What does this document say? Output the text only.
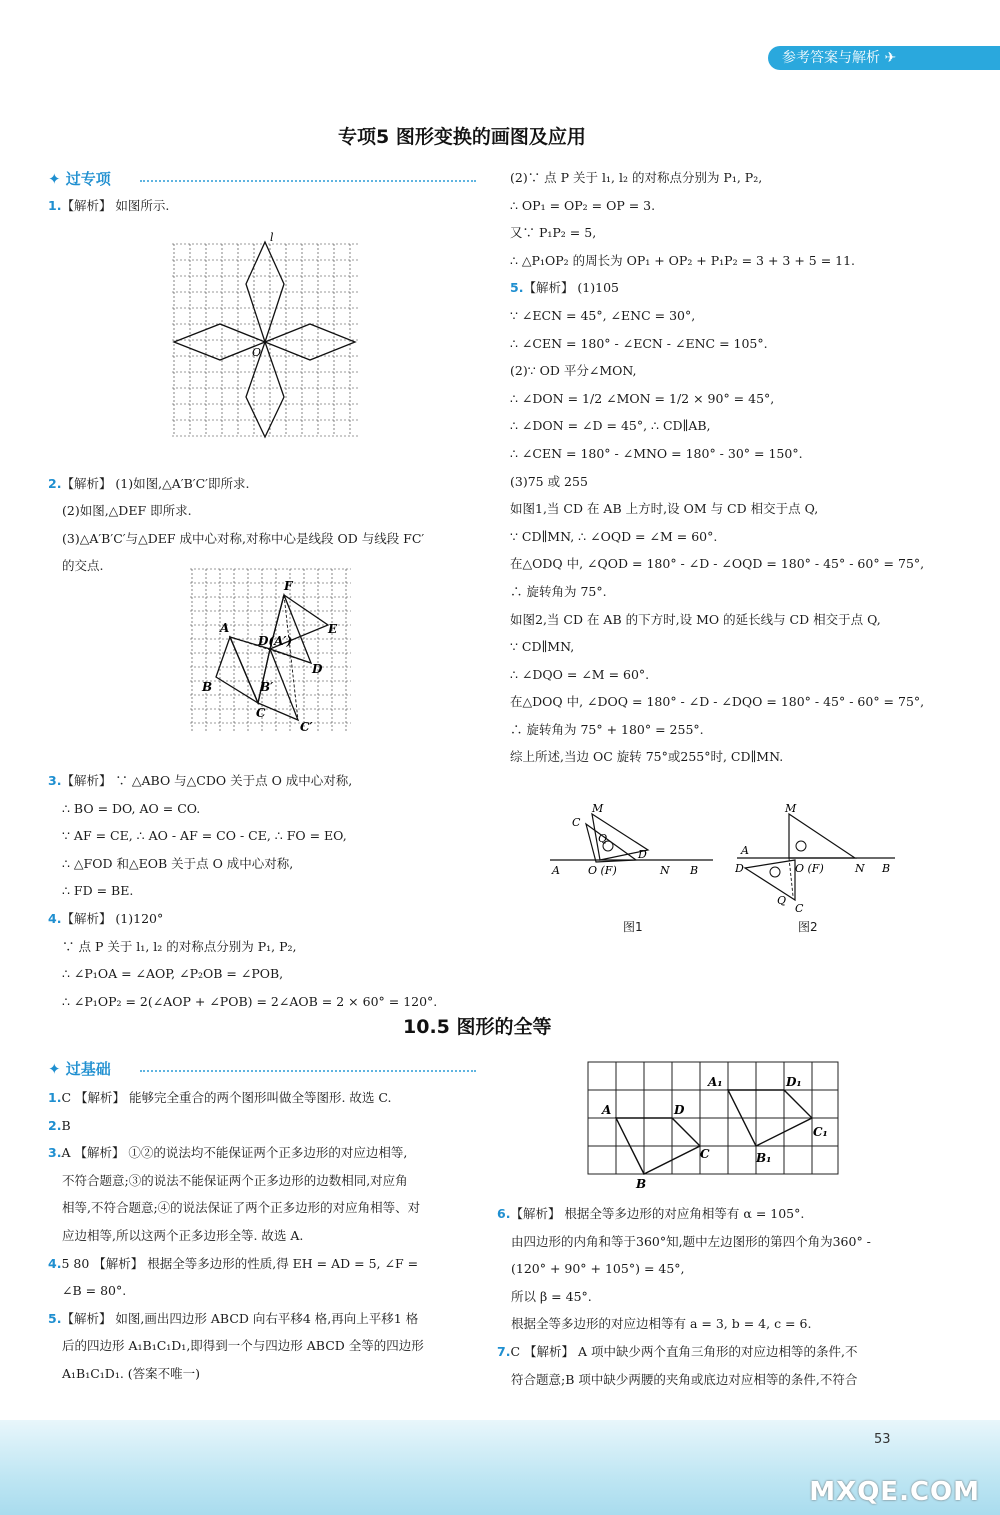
参考答案与解析 ✈
专项5 图形变换的画图及应用
✦ 过专项

1.【解析】 如图所示.

2.【解析】 (1)如图,△A′B′C′即所求.

(2)如图,△DEF 即所求.

(3)△A′B′C′与△DEF 成中心对称,对称中心是线段 OD 与线段 FC′

的交点.

3.【解析】 ∵ △ABO 与△CDO 关于点 O 成中心对称,

∴ BO = DO, AO = CO.

∵ AF = CE, ∴ AO - AF = CO - CE, ∴ FO = EO,

∴ △FOD 和△EOB 关于点 O 成中心对称,

∴ FD = BE.

4.【解析】 (1)120°

∵ 点 P 关于 l₁, l₂ 的对称点分别为 P₁, P₂,

∴ ∠P₁OA = ∠AOP, ∠P₂OB = ∠POB,

∴ ∠P₁OP₂ = 2(∠AOP + ∠POB) = 2∠AOB = 2 × 60° = 120°.

(2)∵ 点 P 关于 l₁, l₂ 的对称点分别为 P₁, P₂,

∴ OP₁ = OP₂ = OP = 3.

又∵ P₁P₂ = 5,

∴ △P₁OP₂ 的周长为 OP₁ + OP₂ + P₁P₂ = 3 + 3 + 5 = 11.

5.【解析】 (1)105

∵ ∠ECN = 45°, ∠ENC = 30°,

∴ ∠CEN = 180° - ∠ECN - ∠ENC = 105°.

(2)∵ OD 平分∠MON,

∴ ∠DON = 1/2 ∠MON = 1/2 × 90° = 45°,

∴ ∠DON = ∠D = 45°, ∴ CD∥AB,

∴ ∠CEN = 180° - ∠MNO = 180° - 30° = 150°.

(3)75 或 255

如图1,当 CD 在 AB 上方时,设 OM 与 CD 相交于点 Q,

∵ CD∥MN, ∴ ∠OQD = ∠M = 60°.

在△ODQ 中, ∠QOD = 180° - ∠D - ∠OQD = 180° - 45° - 60° = 75°,

∴ 旋转角为 75°.

如图2,当 CD 在 AB 的下方时,设 MO 的延长线与 CD 相交于点 Q,

∵ CD∥MN,

∴ ∠DQO = ∠M = 60°.

在△DOQ 中, ∠DOQ = 180° - ∠D - ∠DQO = 180° - 45° - 60° = 75°,

∴ 旋转角为 75° + 180° = 255°.

综上所述,当边 OC 旋转 75°或255°时, CD∥MN.

l
O
F
A
D(A′)
E
D
B	B′
C
C′
M
C
Q
D
A	O (F)	N B
图1
M
A
D	O (F)	N B
Q
C
图2
10.5 图形的全等
✦ 过基础

1.C 【解析】 能够完全重合的两个图形叫做全等图形. 故选 C.

2.B

3.A 【解析】 ①②的说法均不能保证两个正多边形的对应边相等,

不符合题意;③的说法不能保证两个正多边形的边数相同,对应角

相等,不符合题意;④的说法保证了两个正多边形的对应角相等、对

应边相等,所以这两个正多边形全等. 故选 A.

4.5 80 【解析】 根据全等多边形的性质,得 EH = AD = 5, ∠F =

∠B = 80°.

5.【解析】 如图,画出四边形 ABCD 向右平移4 格,再向上平移1 格

后的四边形 A₁B₁C₁D₁,即得到一个与四边形 ABCD 全等的四边形

A₁B₁C₁D₁. (答案不唯一)

A₁	D₁
A	D
C₁
C	B₁
B

6.【解析】 根据全等多边形的对应角相等有 α = 105°.

由四边形的内角和等于360°知,题中左边图形的第四个角为360° -

(120° + 90° + 105°) = 45°,

所以 β = 45°.

根据全等多边形的对应边相等有 a = 3, b = 4, c = 6.

7.C 【解析】 A 项中缺少两个直角三角形的对应边相等的条件,不

符合题意;B 项中缺少两腰的夹角或底边对应相等的条件,不符合

53
MXQE.COM
